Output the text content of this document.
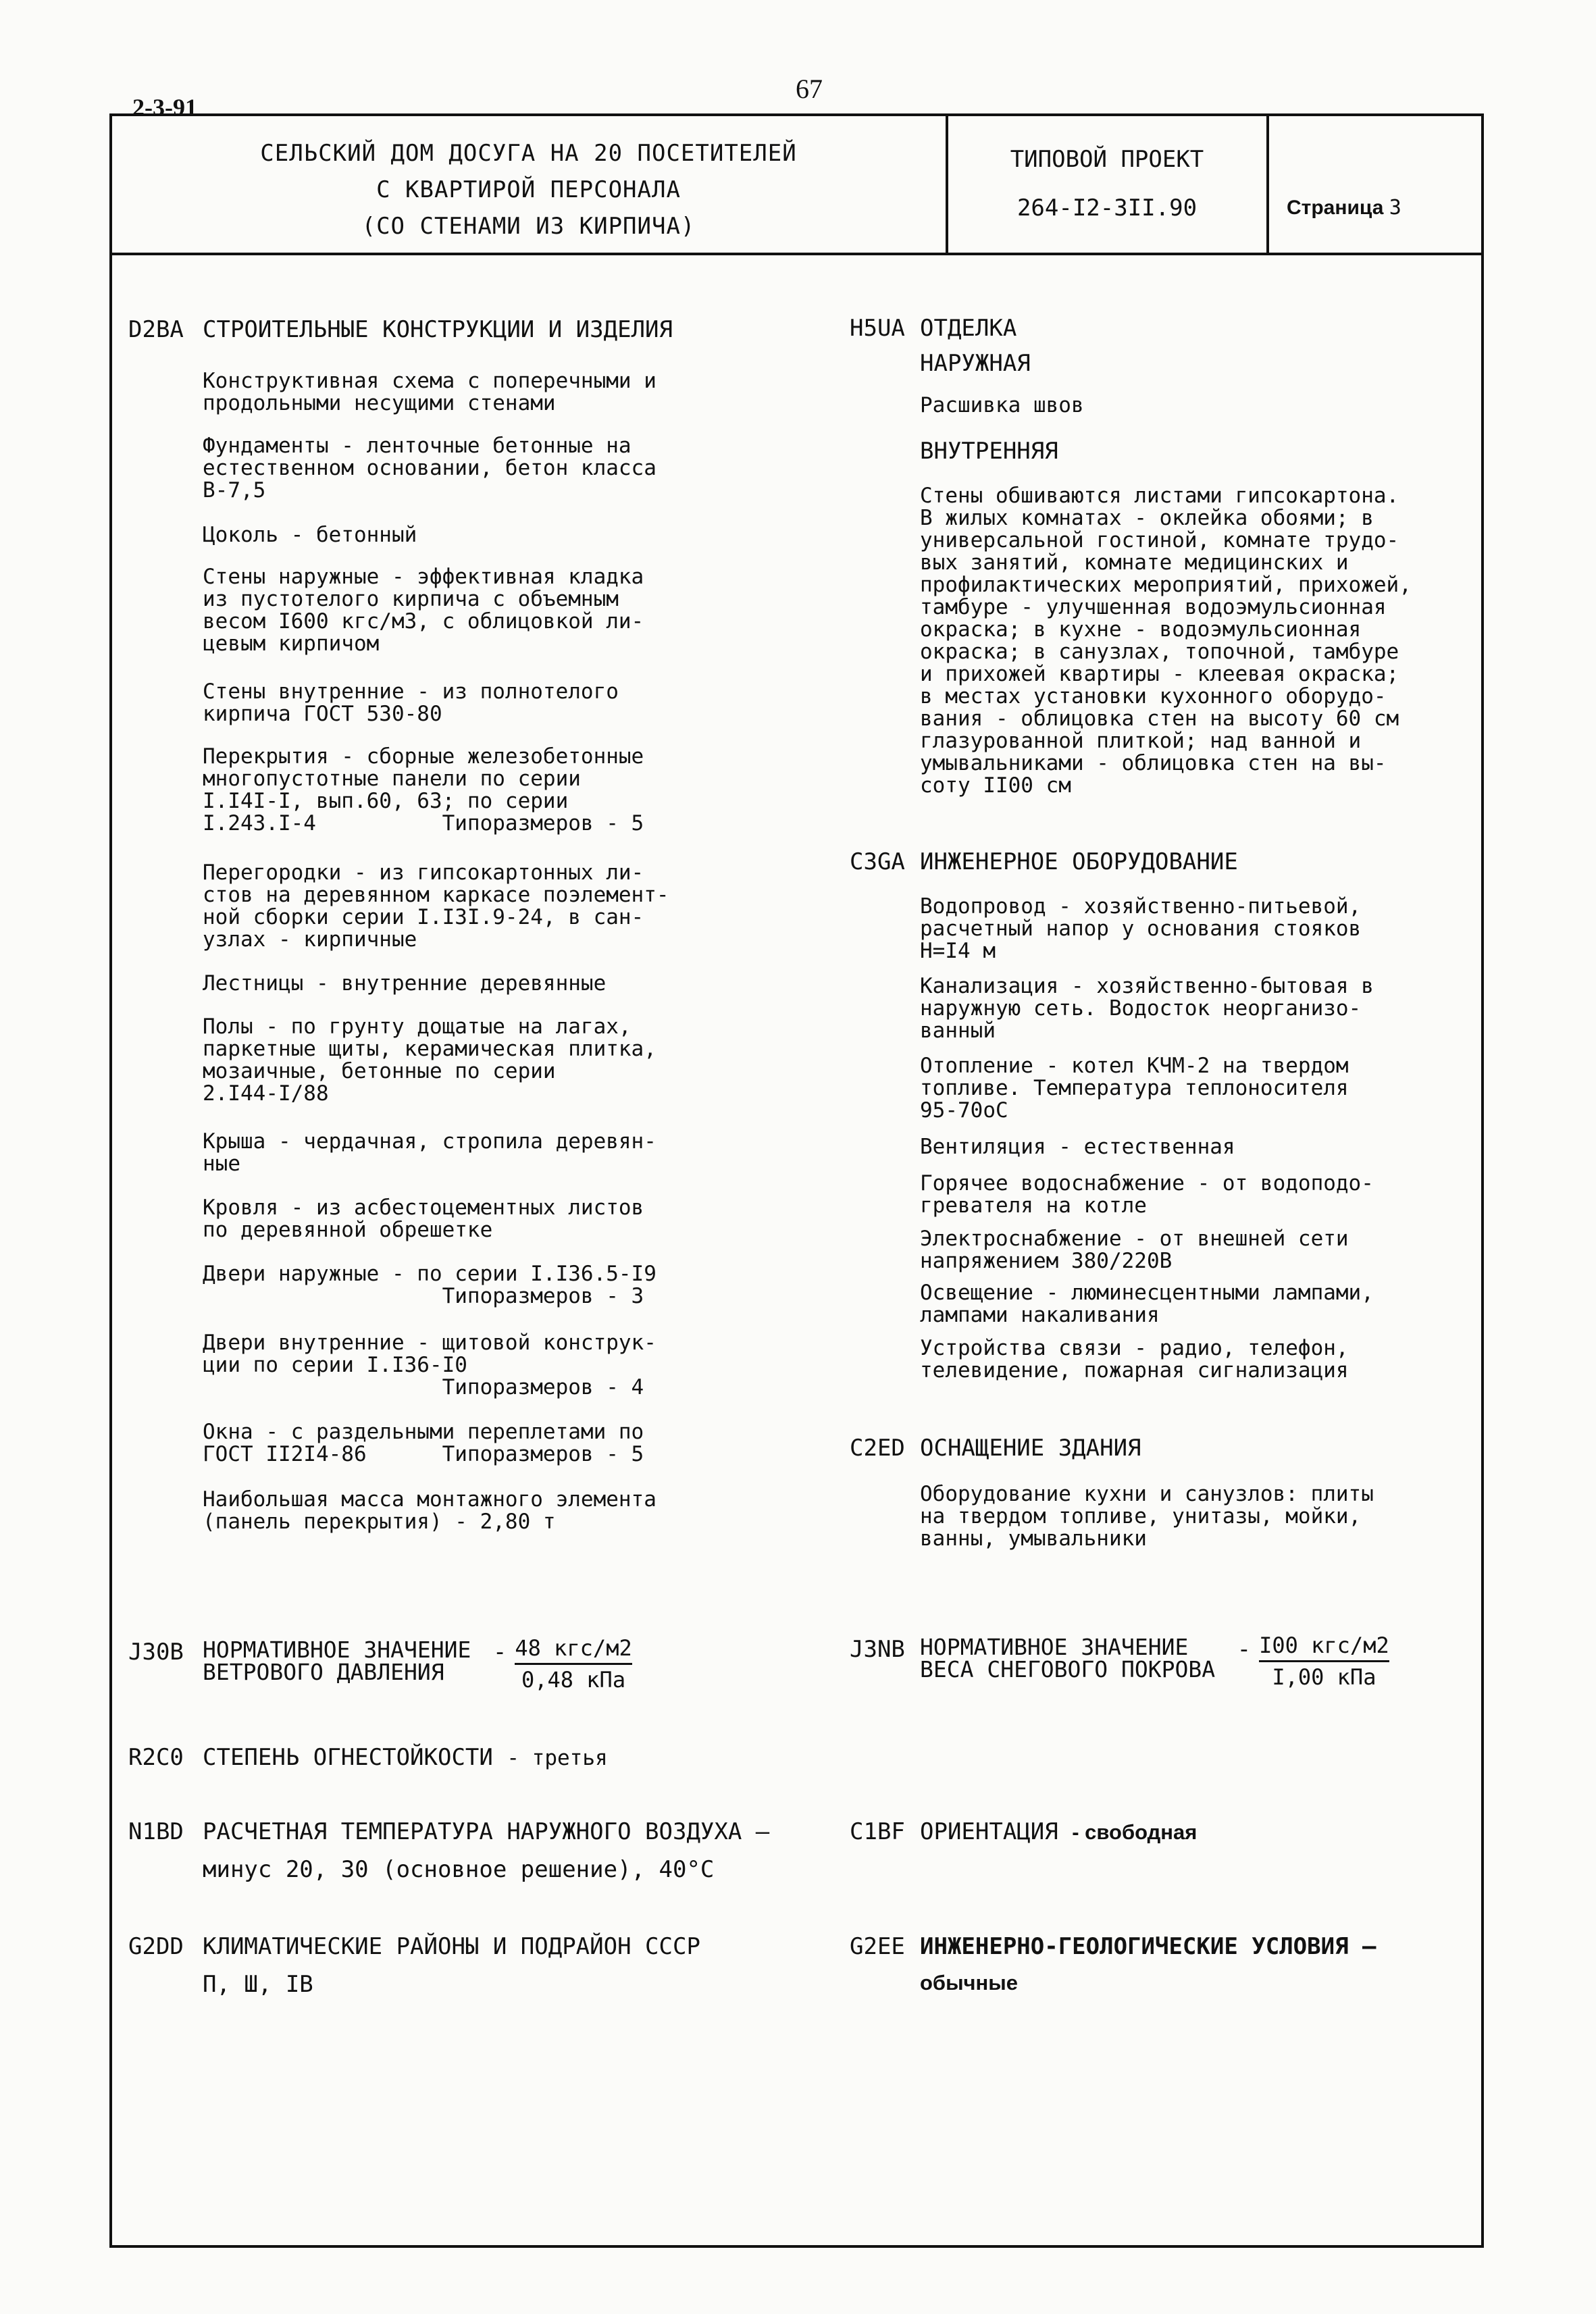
2-3-91
67
СЕЛЬСКИЙ ДОМ ДОСУГА НА 20 ПОСЕТИТЕЛЕЙ
С КВАРТИРОЙ ПЕРСОНАЛА
(СО СТЕНАМИ ИЗ КИРПИЧА)
ТИПОВОЙ ПРОЕКТ
264-I2-3II.90	Страница 3
D2BA СТРОИТЕЛЬНЫЕ КОНСТРУКЦИИ И ИЗДЕЛИЯ
Конструктивная схема с поперечными и
продольными несущими стенами
Фундаменты - ленточные бетонные на
естественном основании, бетон класса
В-7,5
Цоколь - бетонный
Стены наружные - эффективная кладка
из пустотелого кирпича с объемным
весом I600 кгс/м3, с облицовкой ли-
цевым кирпичом
Стены внутренние - из полнотелого
кирпича ГОСТ 530-80
Перекрытия - сборные железобетонные
многопустотные панели по серии
I.I4I-I, вып.60, 63; по серии
I.243.I-4          Типоразмеров - 5
Перегородки - из гипсокартонных ли-
стов на деревянном каркасе поэлемент-
ной сборки серии I.I3I.9-24, в сан-
узлах - кирпичные
Лестницы - внутренние деревянные
Полы - по грунту дощатые на лагах,
паркетные щиты, керамическая плитка,
мозаичные, бетонные по серии
2.I44-I/88
Крыша - чердачная, стропила деревян-
ные
Кровля - из асбестоцементных листов
по деревянной обрешетке
Двери наружные - по серии I.I36.5-I9
Типоразмеров - 3
Двери внутренние - щитовой конструк-
ции по серии I.I36-I0
Типоразмеров - 4
Окна - с раздельными переплетами по
ГОСТ II2I4-86      Типоразмеров - 5
Наибольшая масса монтажного элемента
(панель перекрытия) - 2,80 т
J30B НОРМАТИВНОЕ ЗНАЧЕНИЕ
ВЕТРОВОГО ДАВЛЕНИЯ - 48 кгс/м2
0,48 кПа
R2C0 СТЕПЕНЬ ОГНЕСТОЙКОСТИ - третья
N1BD РАСЧЕТНАЯ ТЕМПЕРАТУРА НАРУЖНОГО ВОЗДУХА —
минус 20, 30 (основное решение), 40°С
G2DD КЛИМАТИЧЕСКИЕ РАЙОНЫ И ПОДРАЙОН СССР
П, Ш, IВ
H5UA ОТДЕЛКА
НАРУЖНАЯ
Расшивка швов
ВНУТРЕННЯЯ
Стены обшиваются листами гипсокартона.
В жилых комнатах - оклейка обоями; в
универсальной гостиной, комнате трудо-
вых занятий, комнате медицинских и
профилактических мероприятий, прихожей,
тамбуре - улучшенная водоэмульсионная
окраска; в кухне - водоэмульсионная
окраска; в санузлах, топочной, тамбуре
и прихожей квартиры - клеевая окраска;
в местах установки кухонного оборудо-
вания - облицовка стен на высоту 60 см
глазурованной плиткой; над ванной и
умывальниками - облицовка стен на вы-
соту II00 см
C3GA ИНЖЕНЕРНОЕ ОБОРУДОВАНИЕ
Водопровод - хозяйственно-питьевой,
расчетный напор у основания стояков
Н=I4 м
Канализация - хозяйственно-бытовая в
наружную сеть. Водосток неорганизо-
ванный
Отопление - котел КЧМ-2 на твердом
топливе. Температура теплоносителя
95-70оС
Вентиляция - естественная
Горячее водоснабжение - от водоподо-
гревателя на котле
Электроснабжение - от внешней сети
напряжением 380/220В
Освещение - люминесцентными лампами,
лампами накаливания
Устройства связи - радио, телефон,
телевидение, пожарная сигнализация
C2ED ОСНАЩЕНИЕ ЗДАНИЯ
Оборудование кухни и санузлов: плиты
на твердом топливе, унитазы, мойки,
ванны, умывальники
J3NB НОРМАТИВНОЕ ЗНАЧЕНИЕ
ВЕСА СНЕГОВОГО ПОКРОВА - I00 кгс/м2
I,00 кПа
C1BF ОРИЕНТАЦИЯ - свободная
G2EE ИНЖЕНЕРНО-ГЕОЛОГИЧЕСКИЕ УСЛОВИЯ —
обычные
